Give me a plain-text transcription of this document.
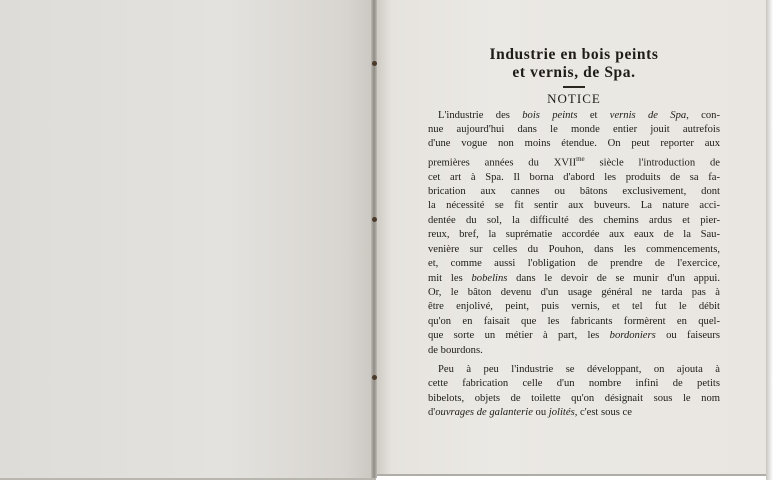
Industrie en bois peints
et vernis, de Spa.
NOTICE

L'industrie des bois peints et vernis de Spa, con-
nue aujourd'hui dans le monde entier jouit autrefois
d'une vogue non moins étendue. On peut reporter aux
premières années du $XVII^{me}$ siècle l'introduction de
cet art à Spa. Il borna d'abord les produits de sa fa-
brication aux cannes ou bâtons exclusivement, dont
la nécessité se fit sentir aux buveurs. La nature acci-
dentée du sol, la difficulté des chemins ardus et pier-
reux, bref, la suprématie accordée aux eaux de la Sau-
venière sur celles du Pouhon, dans les commencements,
et, comme aussi l'obligation de prendre de l'exercice,
mit les bobelins dans le devoir de se munir d'un appui.
Or, le bâton devenu d'un usage général ne tarda pas à
être enjolivé, peint, puis vernis, et tel fut le débit
qu'on en faisait que les fabricants formèrent en quel-
que sorte un métier à part, les bordoniers ou faiseurs
de bourdons.

Peu à peu l'industrie se développant, on ajouta à
cette fabrication celle d'un nombre infini de petits
bibelots, objets de toilette qu'on désignait sous le nom
d'ouvrages de galanterie ou jolités, c'est sous ce
